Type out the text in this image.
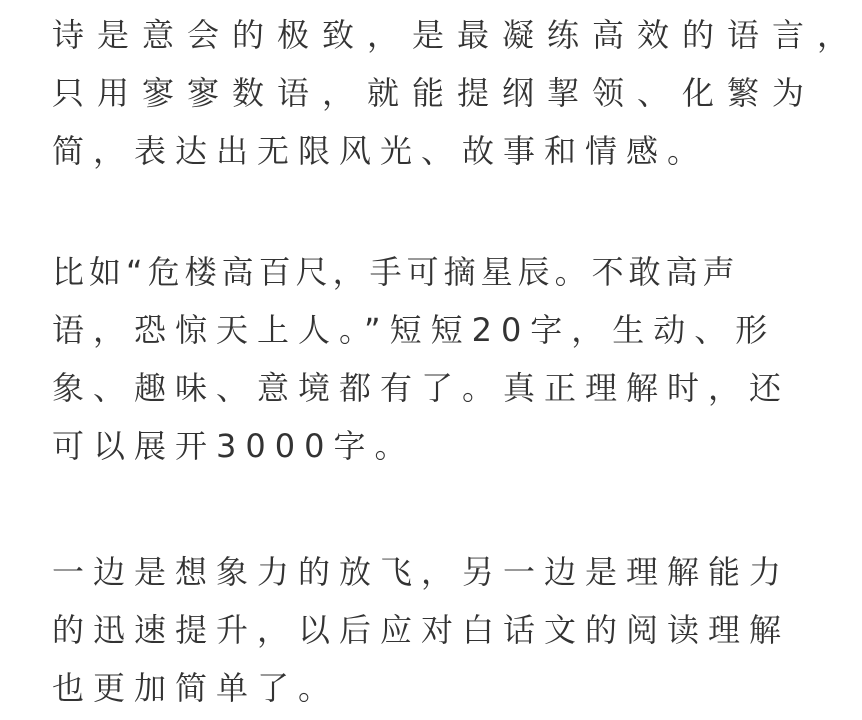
诗是意会的极致，是最凝练高效的语言，
只用寥寥数语，就能提纲挈领、化繁为
简，表达出无限风光、故事和情感。
比如“危楼高百尺，手可摘星辰。不敢高声
语，恐惊天上人。”短短20字，生动、形
象、趣味、意境都有了。真正理解时，还
可以展开3000字。
一边是想象力的放飞，另一边是理解能力
的迅速提升，以后应对白话文的阅读理解
也更加简单了。
